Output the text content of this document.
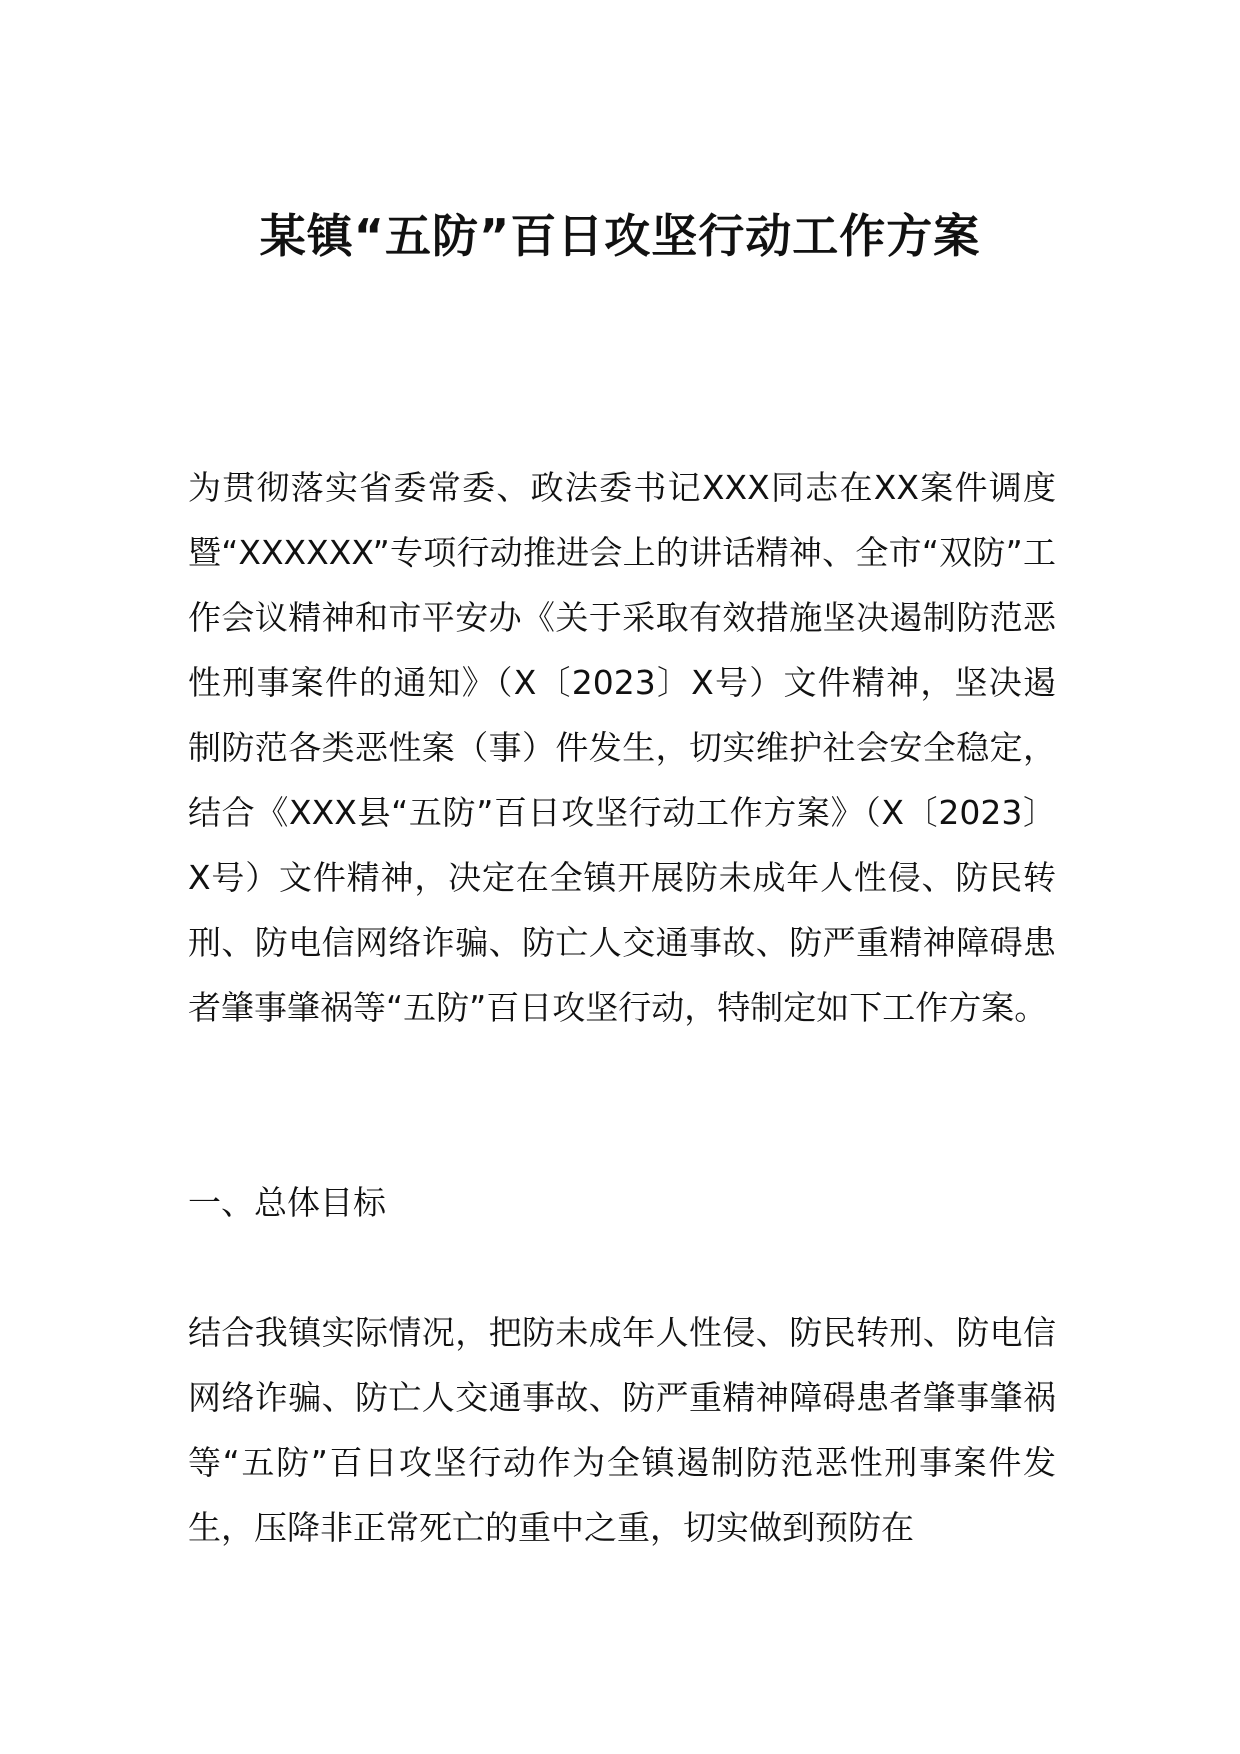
某镇“五防”百日攻坚行动工作方案

为贯彻落实省委常委、政法委书记XXX同志在XX案件调度暨“XXXXXX”专项行动推进会上的讲话精神、全市“双防”工作会议精神和市平安办《关于采取有效措施坚决遏制防范恶性刑事案件的通知》（X〔2023〕X号）文件精神，坚决遏制防范各类恶性案（事）件发生，切实维护社会安全稳定，结合《XXX县“五防”百日攻坚行动工作方案》（X〔2023〕X号）文件精神，决定在全镇开展防未成年人性侵、防民转刑、防电信网络诈骗、防亡人交通事故、防严重精神障碍患者肇事肇祸等“五防”百日攻坚行动，特制定如下工作方案。

一、总体目标

结合我镇实际情况，把防未成年人性侵、防民转刑、防电信网络诈骗、防亡人交通事故、防严重精神障碍患者肇事肇祸等“五防”百日攻坚行动作为全镇遏制防范恶性刑事案件发生，压降非正常死亡的重中之重，切实做到预防在
